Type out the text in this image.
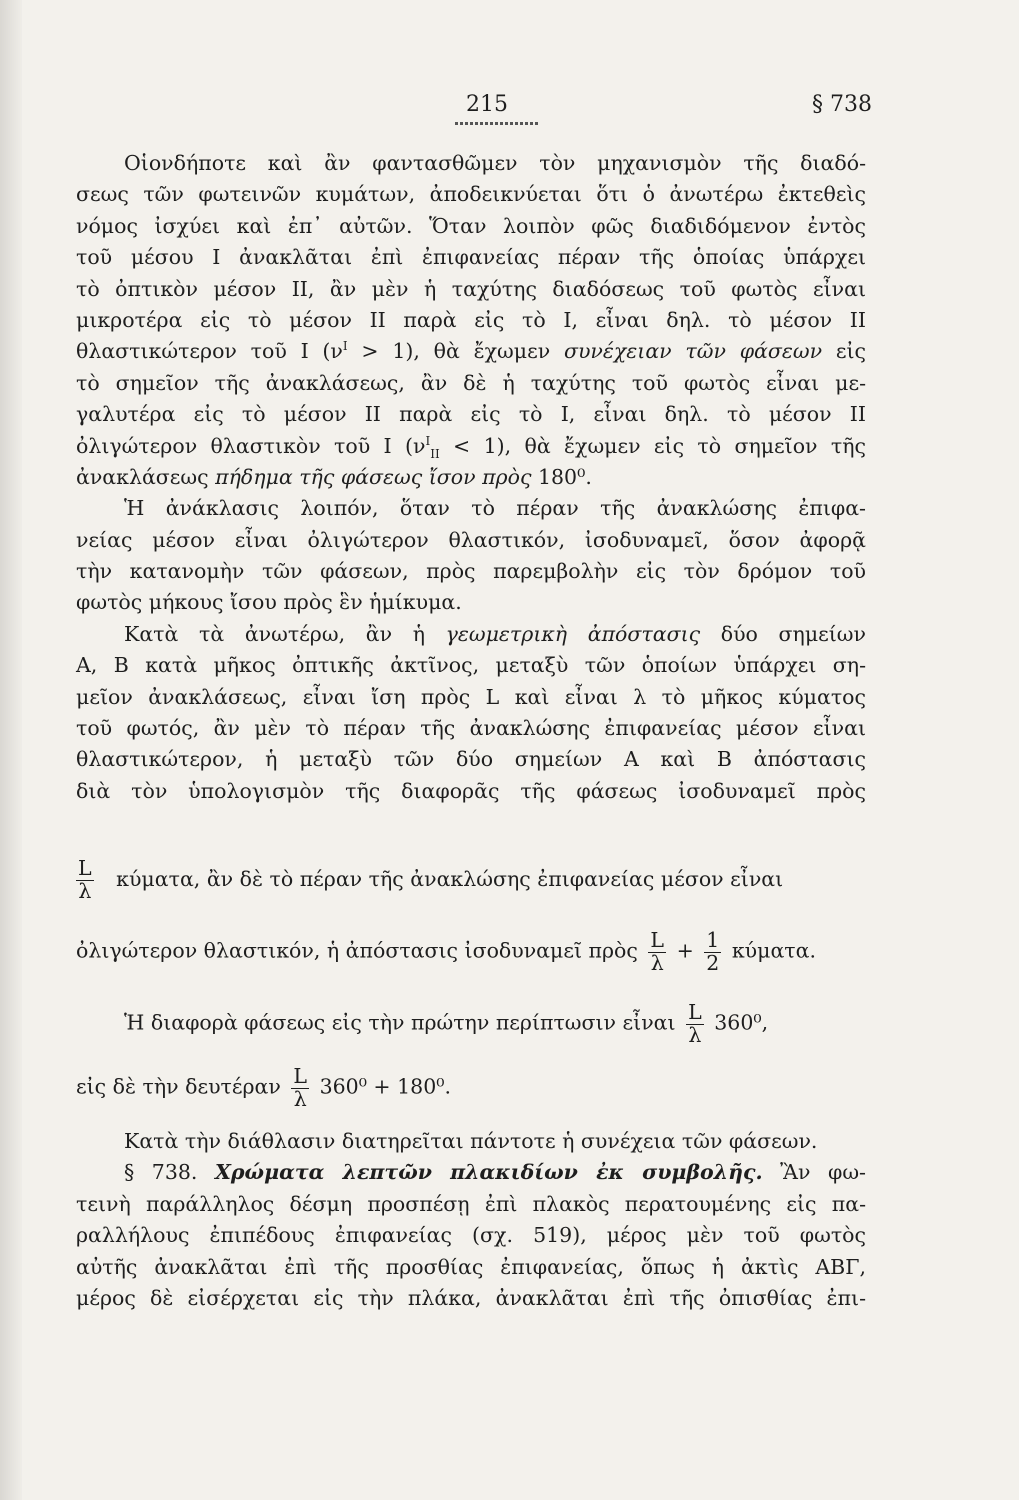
215	§ 738
Οἱονδήποτε καὶ ἂν φαντασθῶμεν τὸν μηχανισμὸν τῆς διαδό-
σεως τῶν φωτεινῶν κυμάτων, ἀποδεικνύεται ὅτι ὁ ἀνωτέρω ἐκτεθεὶς
νόμος ἰσχύει καὶ ἐπ᾽ αὐτῶν. Ὅταν λοιπὸν φῶς διαδιδόμενον ἐντὸς
τοῦ μέσου Ι ἀνακλᾶται ἐπὶ ἐπιφανείας πέραν τῆς ὁποίας ὑπάρχει
τὸ ὀπτικὸν μέσον ΙΙ, ἂν μὲν ἡ ταχύτης διαδόσεως τοῦ φωτὸς εἶναι
μικροτέρα εἰς τὸ μέσον ΙΙ παρὰ εἰς τὸ Ι, εἶναι δηλ. τὸ μέσον ΙΙ
θλαστικώτερον τοῦ Ι $(\nu^I > 1)$, θὰ ἔχωμεν συνέχειαν τῶν φάσεων εἰς
τὸ σημεῖον τῆς ἀνακλάσεως, ἂν δὲ ἡ ταχύτης τοῦ φωτὸς εἶναι με-
γαλυτέρα εἰς τὸ μέσον ΙΙ παρὰ εἰς τὸ Ι, εἶναι δηλ. τὸ μέσον ΙΙ
ὀλιγώτερον θλαστικὸν τοῦ Ι $(\nu^I_{II} < 1)$, θὰ ἔχωμεν εἰς τὸ σημεῖον τῆς
ἀνακλάσεως πήδημα τῆς φάσεως ἴσον πρὸς 180⁰.
Ἡ ἀνάκλασις λοιπόν, ὅταν τὸ πέραν τῆς ἀνακλώσης ἐπιφα-
νείας μέσον εἶναι ὀλιγώτερον θλαστικόν, ἰσοδυναμεῖ, ὅσον ἀφορᾷ
τὴν κατανομὴν τῶν φάσεων, πρὸς παρεμβολὴν εἰς τὸν δρόμον τοῦ
φωτὸς μήκους ἴσου πρὸς ἓν ἡμίκυμα.
Κατὰ τὰ ἀνωτέρω, ἂν ἡ γεωμετρικὴ ἀπόστασις δύο σημείων
Α, Β κατὰ μῆκος ὀπτικῆς ἀκτῖνος, μεταξὺ τῶν ὁποίων ὑπάρχει ση-
μεῖον ἀνακλάσεως, εἶναι ἴση πρὸς L καὶ εἶναι λ τὸ μῆκος κύματος
τοῦ φωτός, ἂν μὲν τὸ πέραν τῆς ἀνακλώσης ἐπιφανείας μέσον εἶναι
θλαστικώτερον, ἡ μεταξὺ τῶν δύο σημείων Α καὶ Β ἀπόστασις
διὰ τὸν ὑπολογισμὸν τῆς διαφορᾶς τῆς φάσεως ἰσοδυναμεῖ πρὸς
$\frac{L}{\lambda} \kappa ύ\mu\alpha\tau\alpha$, ἂν δὲ τὸ πέραν τῆς ἀνακλώσης ἐπιφανείας μέσον εἶναι
ὀλιγώτερον θλαστικόν, ἡ ἀπόστασις ἰσοδυναμεῖ πρὸς $\frac{L}{\lambda} + \frac{1}{2} \kappa ύ\mu\alpha\tau\alpha$.
Ἡ διαφορὰ φάσεως εἰς τὴν πρώτην περίπτωσιν εἶναι $\frac{L}{\lambda} 360^0$,
εἰς δὲ τὴν δευτέραν $\frac{L}{\lambda} 360^0 + 180^0$.
Κατὰ τὴν διάθλασιν διατηρεῖται πάντοτε ἡ συνέχεια τῶν φάσεων.
§ 738. Χρώματα λεπτῶν πλακιδίων ἐκ συμβολῆς. Ἂν φω-
τεινὴ παράλληλος δέσμη προσπέσῃ ἐπὶ πλακὸς περατουμένης εἰς πα-
ραλλήλους ἐπιπέδους ἐπιφανείας (σχ. 519), μέρος μὲν τοῦ φωτὸς
αὐτῆς ἀνακλᾶται ἐπὶ τῆς προσθίας ἐπιφανείας, ὅπως ἡ ἀκτὶς ΑΒΓ,
μέρος δὲ εἰσέρχεται εἰς τὴν πλάκα, ἀνακλᾶται ἐπὶ τῆς ὀπισθίας ἐπι-
